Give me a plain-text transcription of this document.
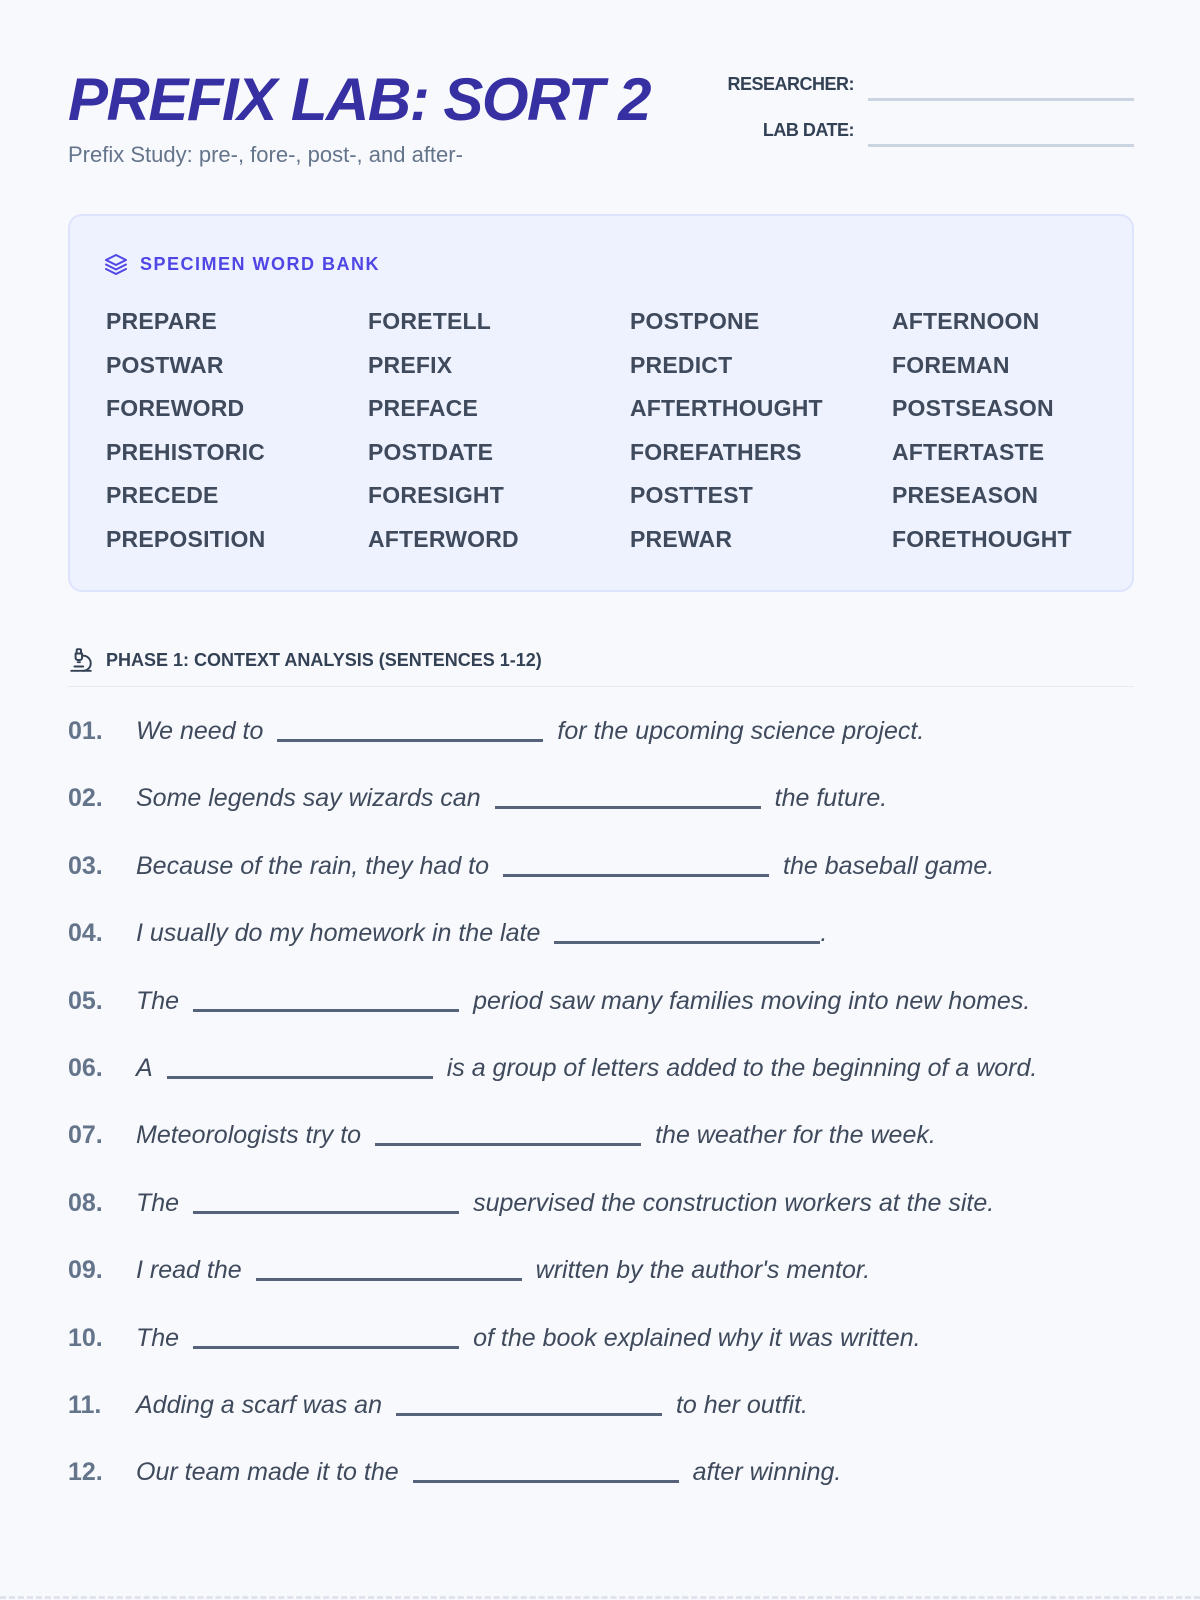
PREFIX LAB: SORT 2
Prefix Study: pre-, fore-, post-, and after-
RESEARCHER:
LAB DATE:
SPECIMEN WORD BANK
PREPARE	FORETELL	POSTPONE	AFTERNOON
POSTWAR	PREFIX	PREDICT	FOREMAN
FOREWORD	PREFACE	AFTERTHOUGHT	POSTSEASON
PREHISTORIC	POSTDATE	FOREFATHERS	AFTERTASTE
PRECEDE	FORESIGHT	POSTTEST	PRESEASON
PREPOSITION	AFTERWORD	PREWAR	FORETHOUGHT
PHASE 1: CONTEXT ANALYSIS (SENTENCES 1-12)
01.	We need to	for the upcoming science project.
02.	Some legends say wizards can	the future.
03.	Because of the rain, they had to	the baseball game.
04.	I usually do my homework in the late	.
05.	The	period saw many families moving into new homes.
06.	A	is a group of letters added to the beginning of a word.
07.	Meteorologists try to	the weather for the week.
08.	The	supervised the construction workers at the site.
09.	I read the	written by the author's mentor.
10.	The	of the book explained why it was written.
11.	Adding a scarf was an	to her outfit.
12.	Our team made it to the	after winning.
